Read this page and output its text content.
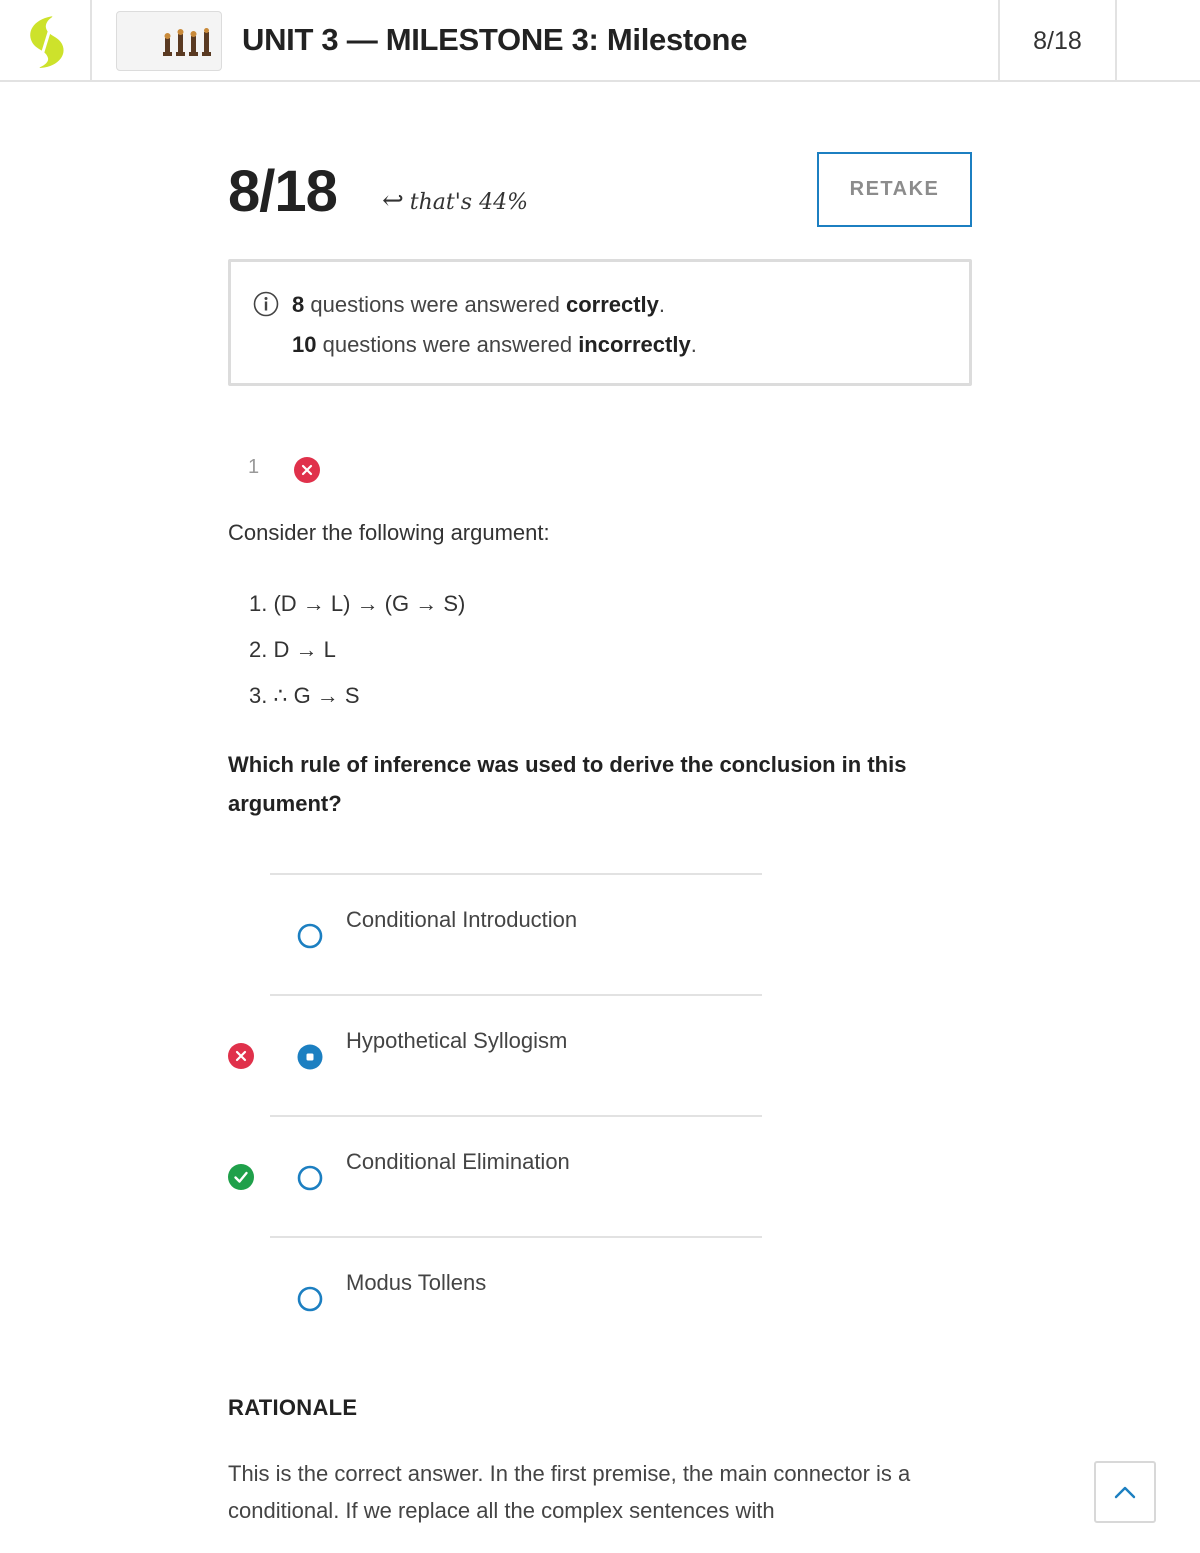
UNIT 3 — MILESTONE 3: Milestone	8/18
8/18 ↩ that's 44%
RETAKE
8 questions were answered correctly.
10 questions were answered incorrectly.
1
Consider the following argument:
1. (D → L) → (G → S)
2. D → L
3. ∴ G → S
Which rule of inference was used to derive the conclusion in this argument?
Conditional Introduction
Hypothetical Syllogism
Conditional Elimination
Modus Tollens
RATIONALE
This is the correct answer. In the first premise, the main connector is a conditional. If we replace all the complex sentences with
